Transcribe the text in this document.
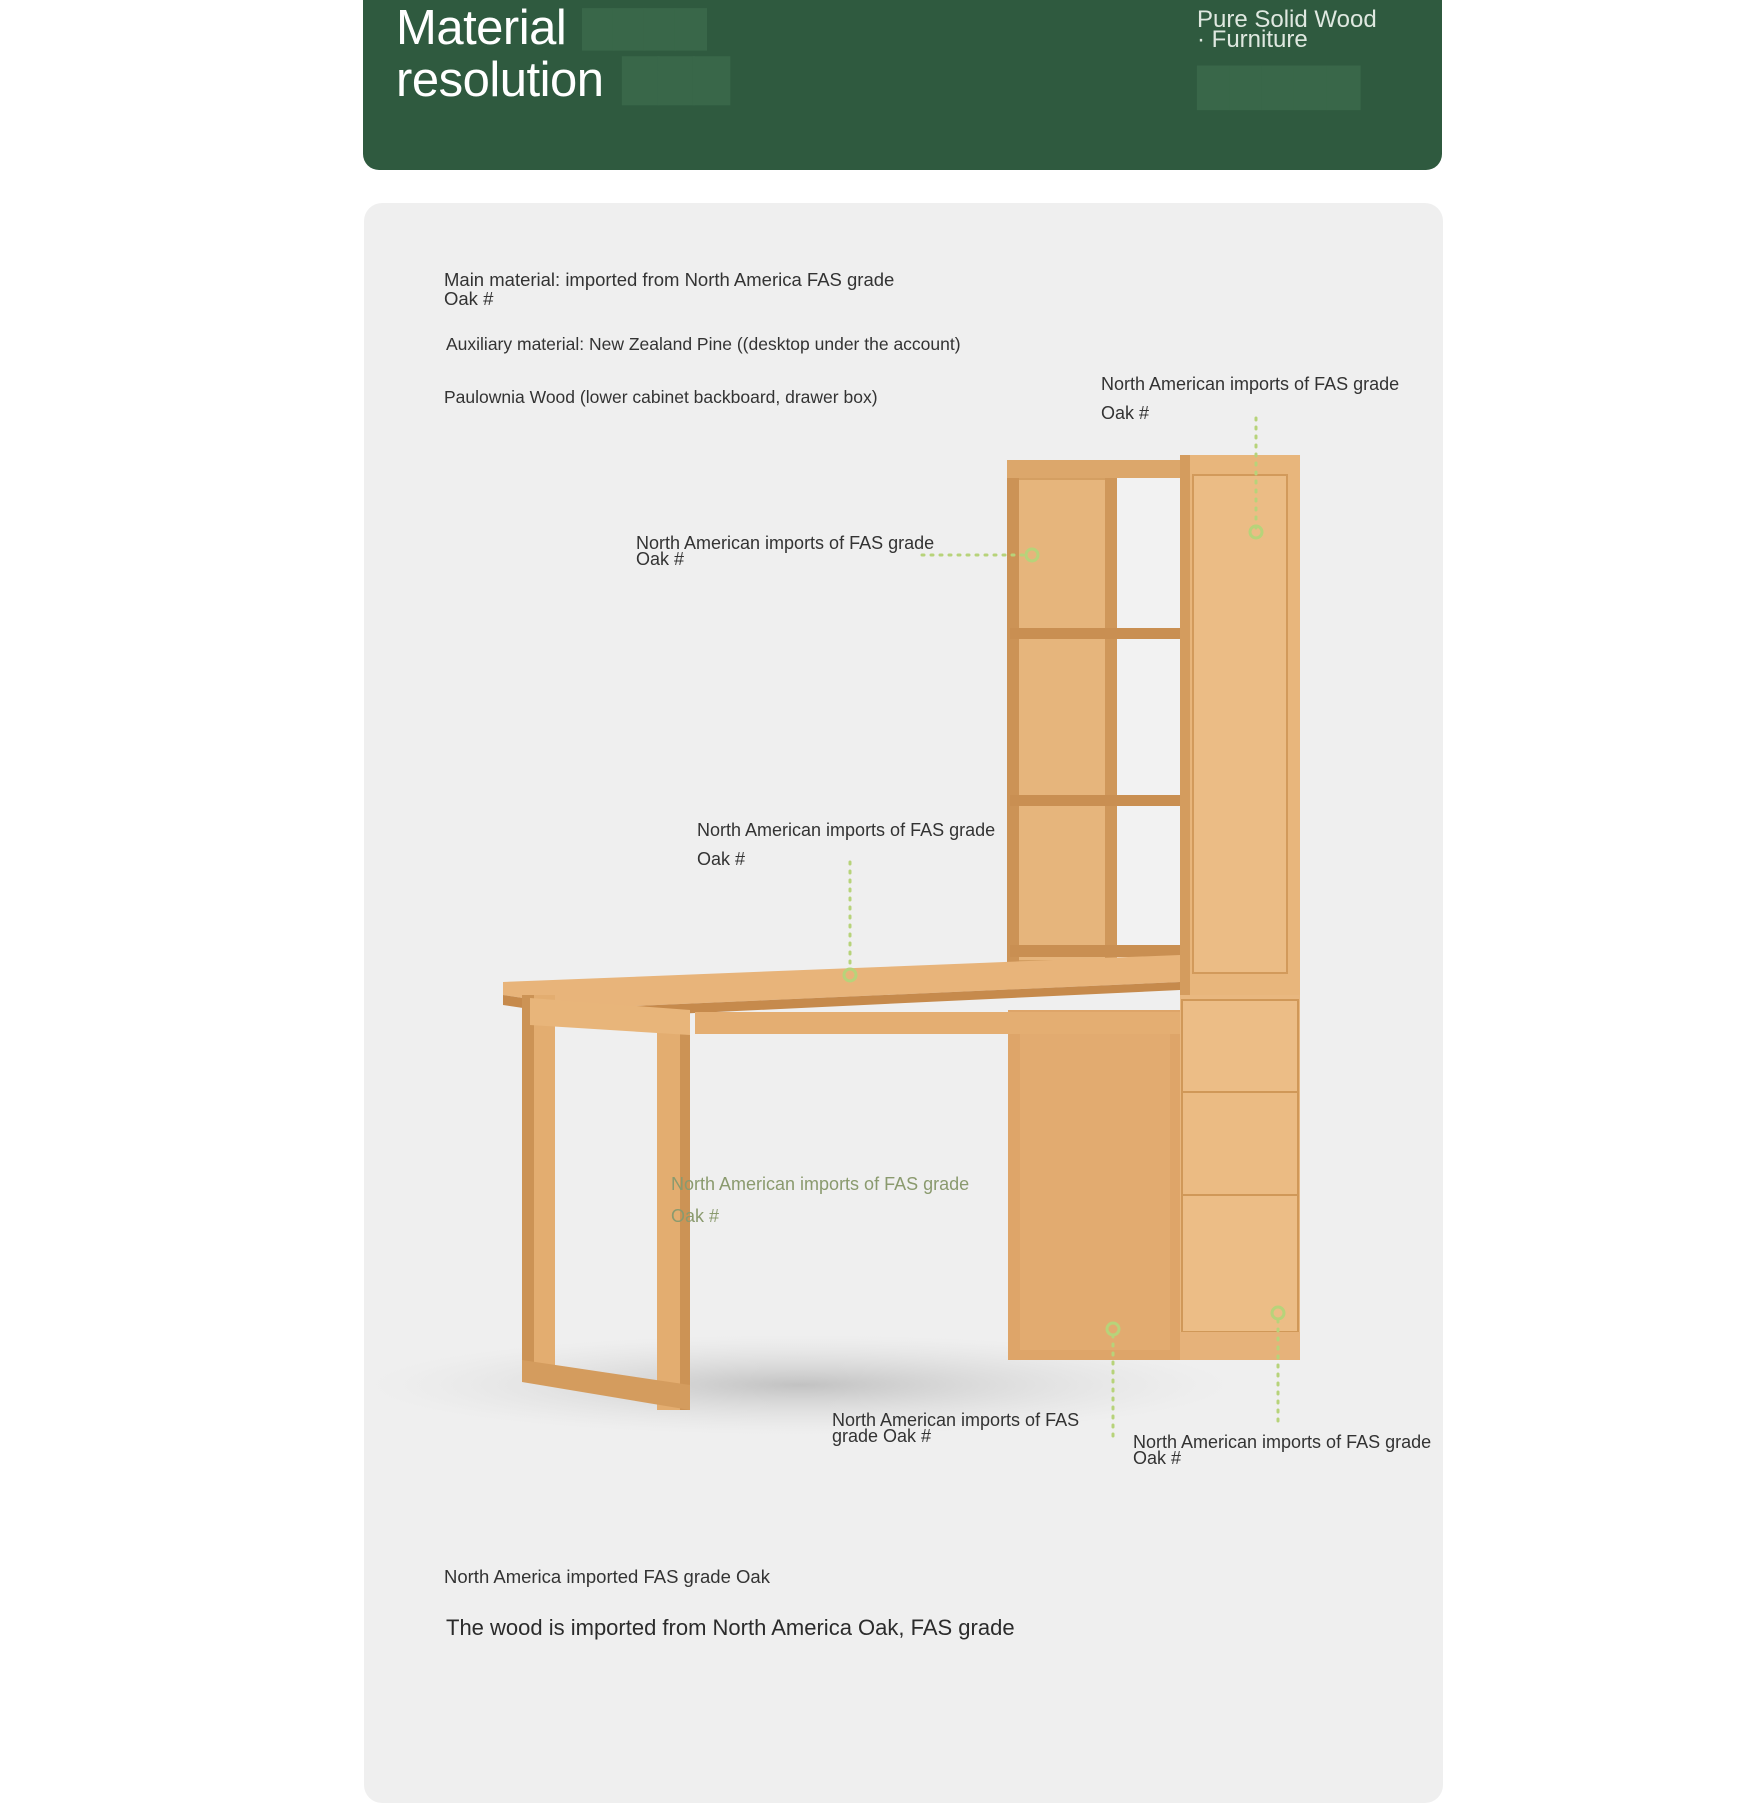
▇▇▇▇
▇▇▇	▇▇▇▇▇
Material
resolution

Pure Solid Wood
· Furniture

Main material: imported from North America FAS grade
Oak #
Auxiliary material: New Zealand Pine ((desktop under the account)
Paulownia Wood (lower cabinet backboard, drawer box)
North American imports of FAS grade
Oak #
North American imports of FAS grade
Oak #
North American imports of FAS grade
Oak #
North American imports of FAS grade
Oak #
North American imports of FAS
grade Oak #	North American imports of FAS grade
Oak #
North America imported FAS grade Oak
The wood is imported from North America Oak, FAS grade
